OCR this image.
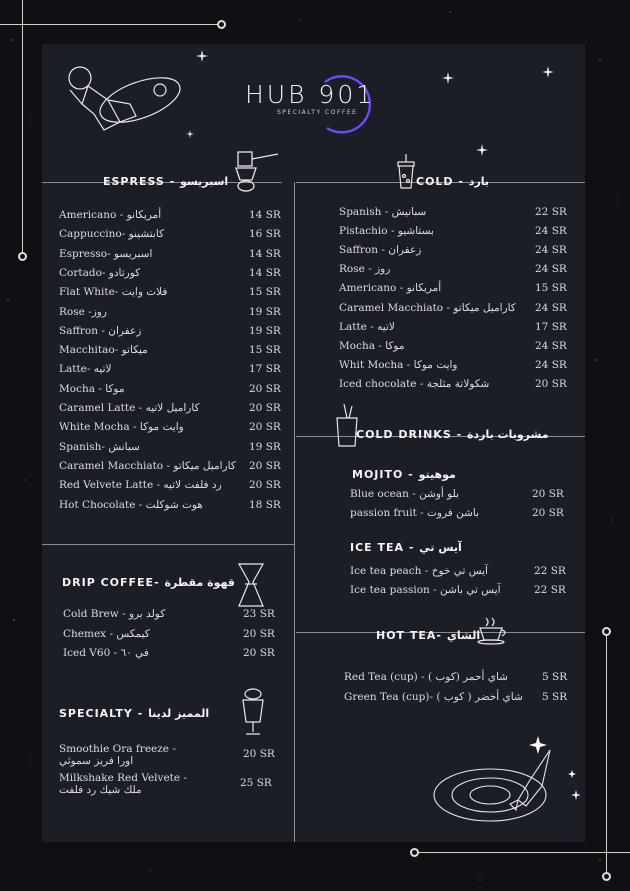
HUB 901
SPECIALTY COFFEE
ESPRESS - اسبريسو
Americano - أمريكانو	14 SR
Cappuccino- كابتشينو	16 SR
Espresso- اسبريسو	14 SR
Cortado- كورتادو	14 SR
Flat White- فلات وايت	15 SR
Rose -روز	19 SR
Saffron - زعفران	19 SR
Macchitao- ميكاتو	15 SR
Latte- لاتيه	17 SR
Mocha - موكا	20 SR
Caramel Latte - كاراميل لاتيه	20 SR
White Mocha - وايت موكا	20 SR
Spanish- سبانش	19 SR
Caramel Macchiato - كاراميل ميكاتو 20 SR
Red Velvete Latte - رد فلفت لاتيه	20 SR
Hot Chocolate - هوت شوكلت	18 SR
COLD - بارد
Spanish - سبانيش	22 SR
Pistachio - بستاشيو	24 SR
Saffron - زعفران	24 SR
Rose - روز	24 SR
Americano - أمريكانو	15 SR
Caramel Macchiato - كاراميل ميكاتو 24 SR
Latte - لاتيه	17 SR
Mocha - موكا	24 SR
Whit Mocha - وايت موكا	24 SR
Iced chocolate - شكولاتة مثلجة	20 SR
COLD DRINKS - مشروبات باردة
MOJITO - موهيتو
Blue ocean - بلو أوشن	20 SR
passion fruit - باشن فروت	20 SR
ICE TEA - آيس تي
Ice tea peach - آيس تي خوخ	22 SR
Ice tea passion - آيس تي باشن	22 SR
DRIP COFFEE- قهوة مقطرة
Cold Brew - كولد برو	23 SR
Chemex - كيمكس	20 SR
Iced V60 - في ٦٠	20 SR
SPECIALTY - المميز لدينا
Smoothie Ora freeze -
اورا فريز سموثي
20 SR
Milkshake Red Velvete -
ملك شيك رد فلفت
25 SR
HOT TEA- الشاي
Red Tea (cup) - شاي أحمر (كوب )	5 SR
Green Tea (cup)- شاي أخضر ( كوب ) 5 SR
